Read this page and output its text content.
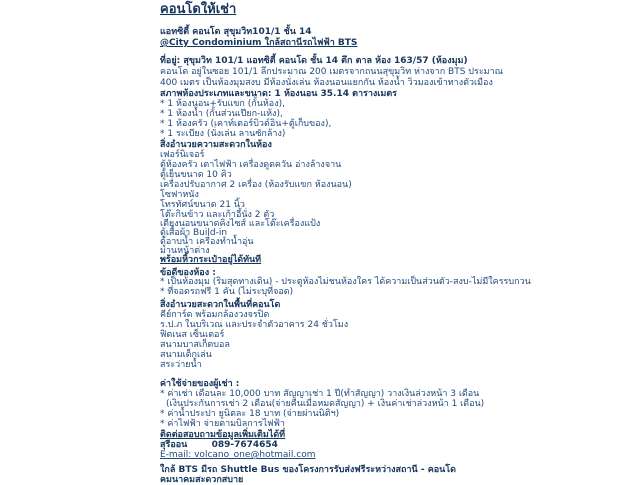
คอนโดให้เช่า
แอทซิตี้ คอนโด สุขุมวิท101/1 ชั้น 14
@City Condominium ใกล้สถานีรถไฟฟ้า BTS
ที่อยู่: สุขุมวิท 101/1 แอทซิตี้ คอนโด ชั้น 14 ตึก ตาล ห้อง 163/57 (ห้องมุม)
คอนโด อยู่ในซอย 101/1 ลึกประมาณ 200 เมตรจากถนนสุขุมวิท ห่างจาก BTS ประมาณ
400 เมตร เป็นห้องมุมสงบ มีห้องนั่งเล่น ห้องนอนแยกกัน ห้องน้ำ วิวมองเข้าทางตัวเมือง
สภาพห้องประเภทและขนาด: 1 ห้องนอน 35.14 ตารางเมตร
* 1 ห้องนอน+รับแขก (กั้นห้อง),
* 1 ห้องน้ำ (กั้นส่วนเปียก-แห้ง),
* 1 ห้องครัว (เคาท์เตอร์บิวด์อิน+ตู้เก็บของ),
* 1 ระเบียง (นั่งเล่น ลานซักล้าง)
สิ่งอำนวยความสะดวกในห้อง
เฟอร์นิเจอร์
ตู้ห้องครัว เตาไฟฟ้า เครื่องดูดควัน อ่างล้างจาน
ตู้เย็นขนาด 10 คิว
เครื่องปรับอากาศ 2 เครื่อง (ห้องรับแขก ห้องนอน)
โซฟาหนัง
โทรทัศน์ขนาด 21 นิ้ว
โต๊ะกินข้าว และเก้าอี้นั่ง 2 ตัว
เตียงนอนขนาดคิงไซส์ และโต๊ะเครื่องแป้ง
ตู้เสื้อผ้า Build-in
ตู้อาบน้ำ เครื่องทำน้ำอุ่น
ม่านหน้าต่าง
พร้อมหิ้วกระเป๋าอยู่ได้ทันที
ข้อดีของห้อง :
* เป็นห้องมุม (ริมสุดทางเดิน) - ประตูห้องไม่ชนห้องใคร ได้ความเป็นส่วนตัว-สงบ-ไม่มีใครรบกวน
* ที่จอดรถฟรี 1 คัน (ไม่ระบุที่จอด)
สิ่งอำนวยสะดวกในพื้นที่คอนโด
คีย์การ์ด พร้อมกล้องวงจรปิด
ร.ป.ภ ในบริเวณ และประจำตัวอาคาร 24 ชั่วโมง
ฟิตเนส เซ็นเตอร์
สนามบาสเก็ตบอล
สนามเด็กเล่น
สระว่ายน้ำ
ค่าใช้จ่ายของผู้เช่า :
* ค่าเช่า เดือนละ 10,000 บาท สัญญาเช่า 1 ปี(ทำสัญญา) วางเงินล่วงหน้า 3 เดือน
(เงินประกันการเช่า 2 เดือน(จ่ายคืนเมื่อหมดสัญญา) + เงินค่าเช่าล่วงหน้า 1 เดือน)
* ค่าน้ำประปา ยูนิตละ 18 บาท (จ่ายผ่านนิติฯ)
* ค่าไฟฟ้า จ่ายตามบิลการไฟฟ้า
ติดต่อสอบถามข้อมูลเพิ่มเติมได้ที่
สุรีออน	089-7674654
E-mail: volcano_one@hotmail.com
ใกล้ BTS มีรถ Shuttle Bus ของโครงการรับส่งฟรีระหว่างสถานี - คอนโด
คมนาคมสะดวกสบาย
